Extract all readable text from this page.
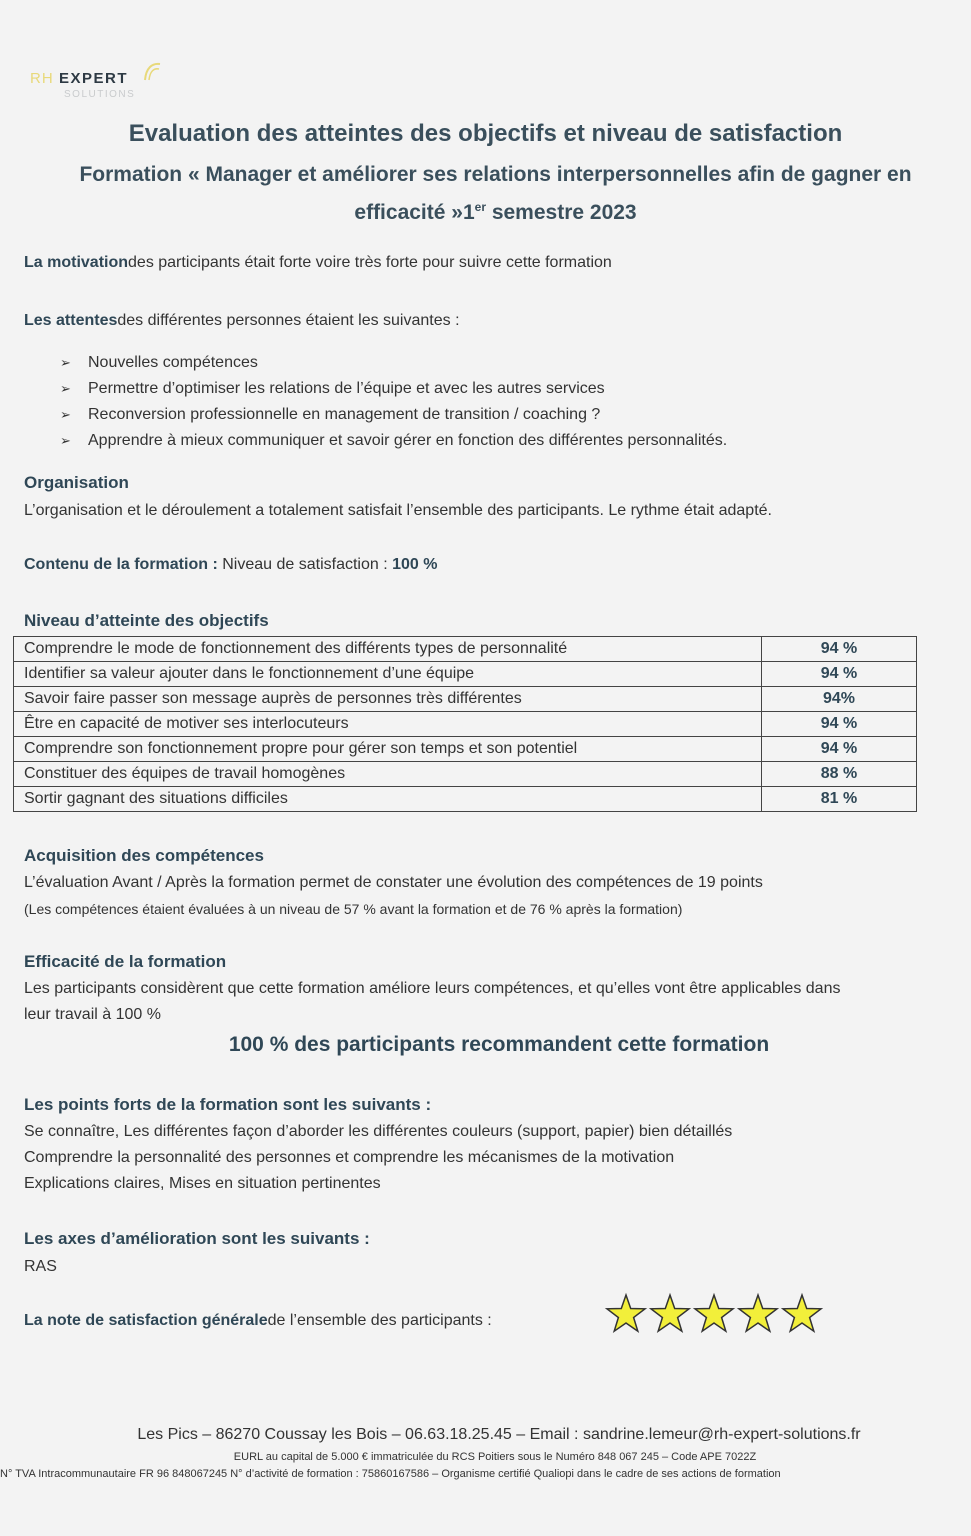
RH EXPERT
SOLUTIONS
Evaluation des atteintes des objectifs et niveau de satisfaction
Formation « Manager et améliorer ses relations interpersonnelles afin de gagner en
efficacité »1er semestre 2023
La motivationdes participants était forte voire très forte pour suivre cette formation
Les attentesdes différentes personnes étaient les suivantes :
➢ Nouvelles compétences
➢ Permettre d’optimiser les relations de l’équipe et avec les autres services
➢ Reconversion professionnelle en management de transition / coaching ?
➢ Apprendre à mieux communiquer et savoir gérer en fonction des différentes personnalités.
Organisation
L’organisation et le déroulement a totalement satisfait l’ensemble des participants. Le rythme était adapté.
Contenu de la formation : Niveau de satisfaction : 100 %
Niveau d’atteinte des objectifs
Comprendre le mode de fonctionnement des différents types de personnalité	94 %
Identifier sa valeur ajouter dans le fonctionnement d’une équipe	94 %
Savoir faire passer son message auprès de personnes très différentes	94%
Être en capacité de motiver ses interlocuteurs	94 %
Comprendre son fonctionnement propre pour gérer son temps et son potentiel	94 %
Constituer des équipes de travail homogènes	88 %
Sortir gagnant des situations difficiles	81 %
Acquisition des compétences
L’évaluation Avant / Après la formation permet de constater une évolution des compétences de 19 points
(Les compétences étaient évaluées à un niveau de 57 % avant la formation et de 76 % après la formation)
Efficacité de la formation
Les participants considèrent que cette formation améliore leurs compétences, et qu’elles vont être applicables dans
leur travail à 100 %
100 % des participants recommandent cette formation
Les points forts de la formation sont les suivants :
Se connaître, Les différentes façon d’aborder les différentes couleurs (support, papier) bien détaillés
Comprendre la personnalité des personnes et comprendre les mécanismes de la motivation
Explications claires, Mises en situation pertinentes
Les axes d’amélioration sont les suivants :
RAS
La note de satisfaction généralede l’ensemble des participants :
Les Pics – 86270 Coussay les Bois – 06.63.18.25.45 – Email : sandrine.lemeur@rh-expert-solutions.fr
EURL au capital de 5.000 € immatriculée du RCS Poitiers sous le Numéro 848 067 245 – Code APE 7022Z
N° TVA Intracommunautaire FR 96 848067245 N° d’activité de formation : 75860167586 – Organisme certifié Qualiopi dans le cadre de ses actions de formation
